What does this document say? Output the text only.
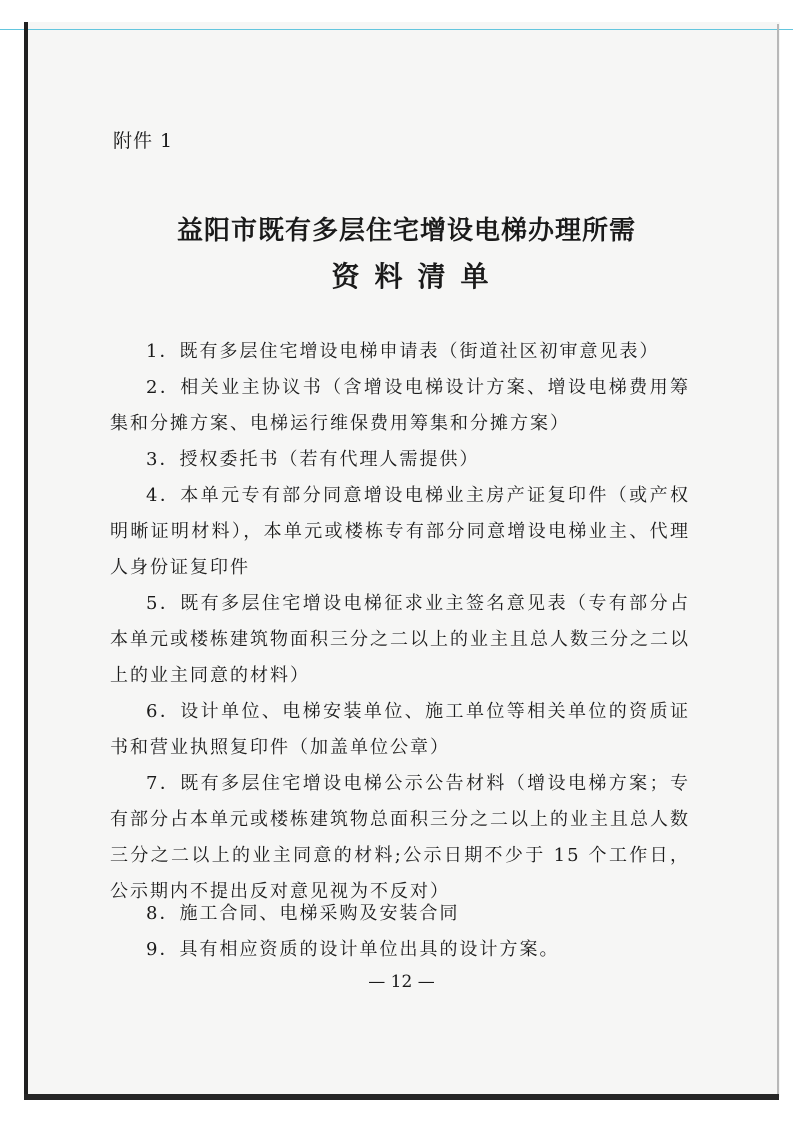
附件 1
益阳市既有多层住宅增设电梯办理所需
资料清单
1．既有多层住宅增设电梯申请表（街道社区初审意见表）
2．相关业主协议书（含增设电梯设计方案、增设电梯费用筹集和分摊方案、电梯运行维保费用筹集和分摊方案）
3．授权委托书（若有代理人需提供）
4．本单元专有部分同意增设电梯业主房产证复印件（或产权明晰证明材料），本单元或楼栋专有部分同意增设电梯业主、代理人身份证复印件
5．既有多层住宅增设电梯征求业主签名意见表（专有部分占本单元或楼栋建筑物面积三分之二以上的业主且总人数三分之二以上的业主同意的材料）
6．设计单位、电梯安装单位、施工单位等相关单位的资质证书和营业执照复印件（加盖单位公章）
7．既有多层住宅增设电梯公示公告材料（增设电梯方案；专有部分占本单元或楼栋建筑物总面积三分之二以上的业主且总人数三分之二以上的业主同意的材料;公示日期不少于 15 个工作日，公示期内不提出反对意见视为不反对）
8．施工合同、电梯采购及安装合同
9．具有相应资质的设计单位出具的设计方案。
— 12 —
